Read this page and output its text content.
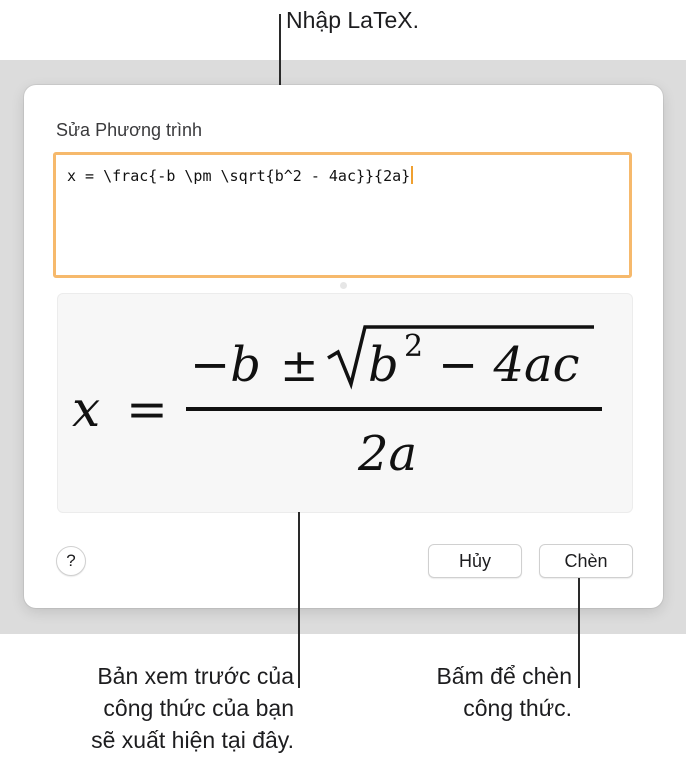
Nhập LaTeX.
Sửa Phương trình
x = \frac{-b \pm \sqrt{b^2 - 4ac}}{2a}
x =
−b ± b 2 − 4ac
2a
?	Hủy	Chèn
Bản xem trước của
công thức của bạn
sẽ xuất hiện tại đây.
Bấm để chèn
công thức.
